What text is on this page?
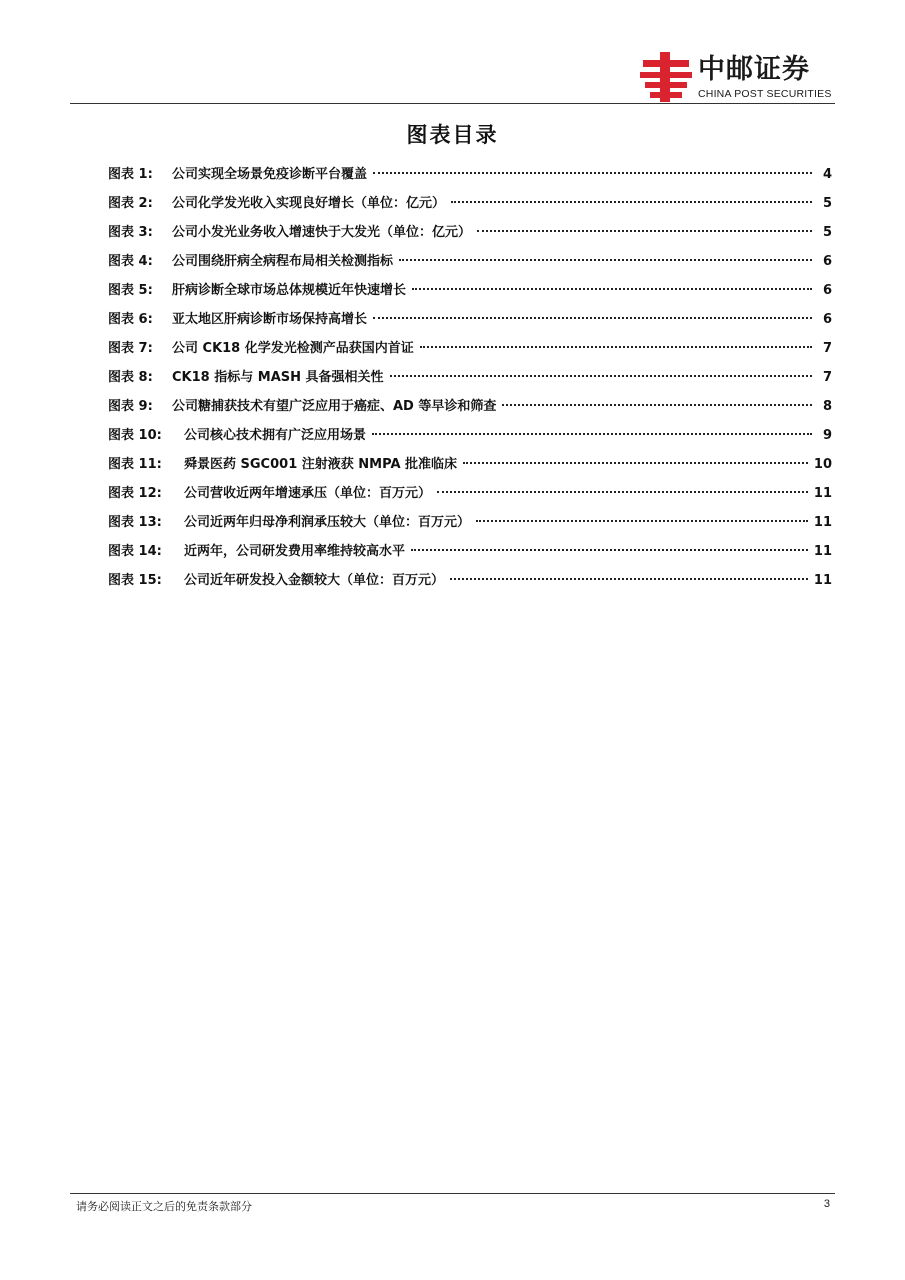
中邮证券
CHINA POST SECURITIES
图表目录
图表 1:	公司实现全场景免疫诊断平台覆盖	4
图表 2:	公司化学发光收入实现良好增长（单位：亿元）	5
图表 3:	公司小发光业务收入增速快于大发光（单位：亿元）	5
图表 4:	公司围绕肝病全病程布局相关检测指标	6
图表 5:	肝病诊断全球市场总体规模近年快速增长	6
图表 6:	亚太地区肝病诊断市场保持高增长	6
图表 7:	公司 CK18 化学发光检测产品获国内首证	7
图表 8:	CK18 指标与 MASH 具备强相关性	7
图表 9:	公司糖捕获技术有望广泛应用于癌症、AD 等早诊和筛查	8
图表 10:	公司核心技术拥有广泛应用场景	9
图表 11:	舜景医药 SGC001 注射液获 NMPA 批准临床	10
图表 12:	公司营收近两年增速承压（单位：百万元）	11
图表 13:	公司近两年归母净利润承压较大（单位：百万元）	11
图表 14:	近两年，公司研发费用率维持较高水平	11
图表 15:	公司近年研发投入金额较大（单位：百万元）	11
请务必阅读正文之后的免责条款部分	3
